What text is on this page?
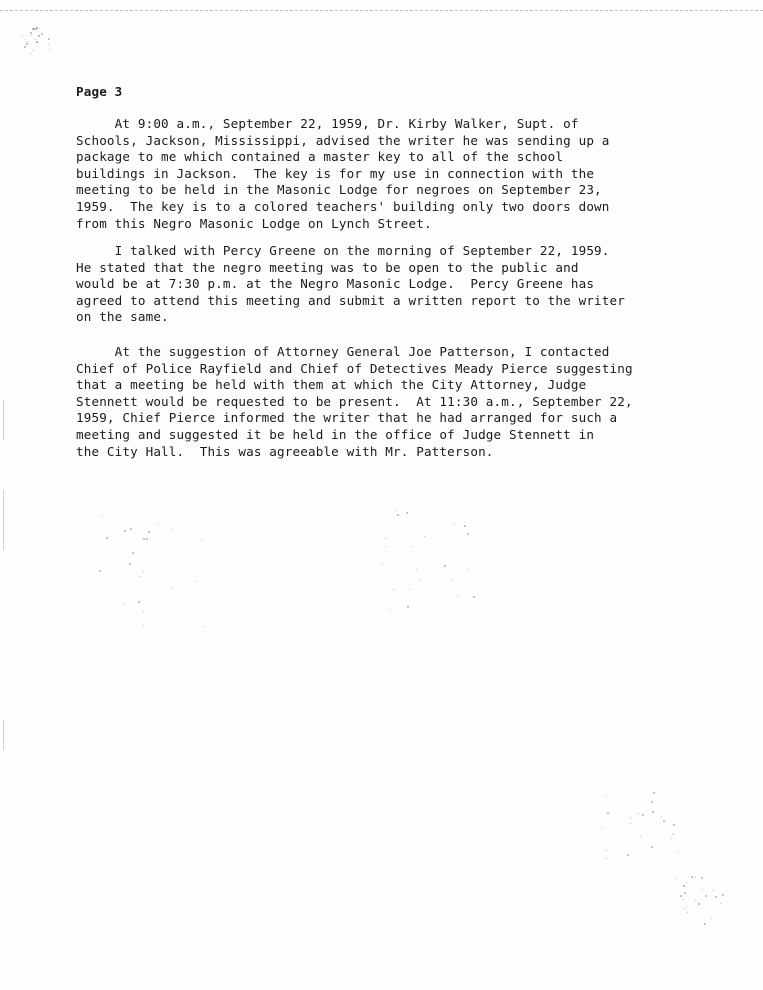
Page 3
At 9:00 a.m., September 22, 1959, Dr. Kirby Walker, Supt. of
Schools, Jackson, Mississippi, advised the writer he was sending up a
package to me which contained a master key to all of the school
buildings in Jackson.  The key is for my use in connection with the
meeting to be held in the Masonic Lodge for negroes on September 23,
1959.  The key is to a colored teachers' building only two doors down
from this Negro Masonic Lodge on Lynch Street.
I talked with Percy Greene on the morning of September 22, 1959.
He stated that the negro meeting was to be open to the public and
would be at 7:30 p.m. at the Negro Masonic Lodge.  Percy Greene has
agreed to attend this meeting and submit a written report to the writer
on the same.
At the suggestion of Attorney General Joe Patterson, I contacted
Chief of Police Rayfield and Chief of Detectives Meady Pierce suggesting
that a meeting be held with them at which the City Attorney, Judge
Stennett would be requested to be present.  At 11:30 a.m., September 22,
1959, Chief Pierce informed the writer that he had arranged for such a
meeting and suggested it be held in the office of Judge Stennett in
the City Hall.  This was agreeable with Mr. Patterson.
